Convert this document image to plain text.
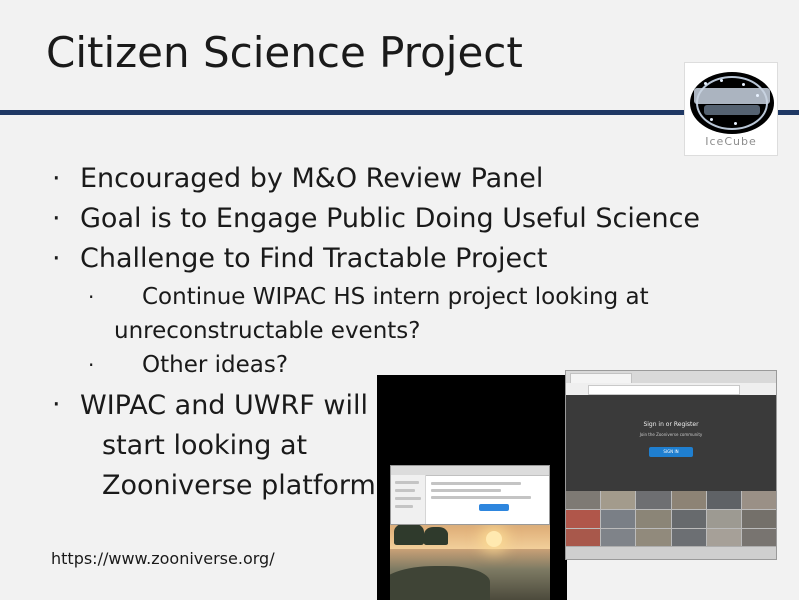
Citizen Science Project
IceCube
· Encouraged by M&O Review Panel
· Goal is to Engage Public Doing Useful Science
· Challenge to Find Tractable Project
· Continue WIPAC HS intern project looking at unreconstructable events?
· Other ideas?
· WIPAC and UWRF will
start looking at
Zooniverse platform
https://www.zooniverse.org/
Sign in or Register
Join the Zooniverse community
SIGN IN
